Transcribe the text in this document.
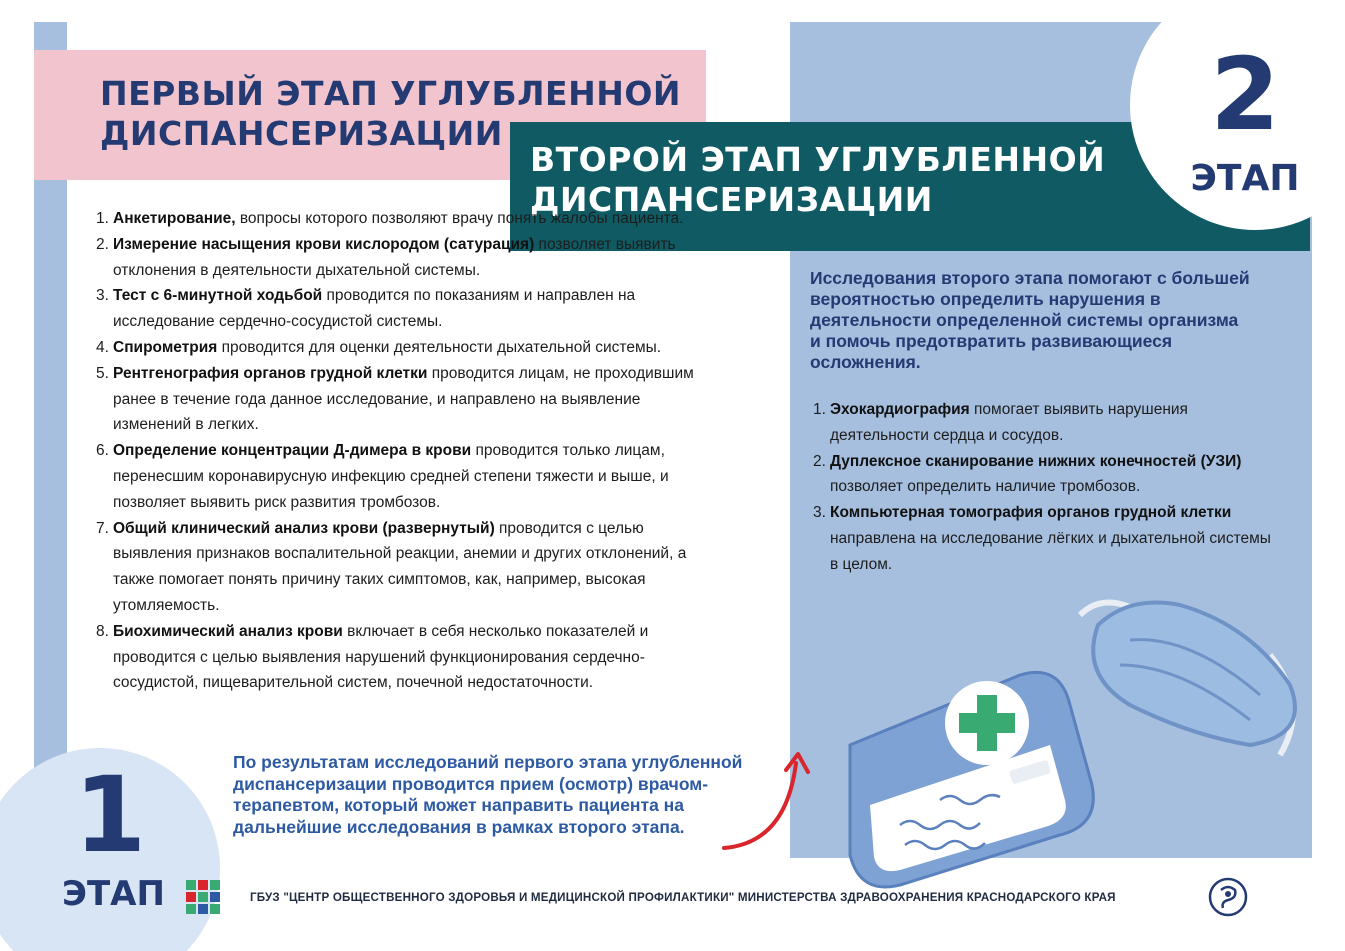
ПЕРВЫЙ ЭТАП УГЛУБЛЕННОЙ ДИСПАНСЕРИЗАЦИИ
ВТОРОЙ ЭТАП УГЛУБЛЕННОЙ ДИСПАНСЕРИЗАЦИИ
2
ЭТАП
1. Анкетирование, вопросы которого позволяют врачу понять жалобы пациента.
2. Измерение насыщения крови кислородом (сатурация) позволяет выявить отклонения в деятельности дыхательной системы.
3. Тест с 6-минутной ходьбой проводится по показаниям и направлен на исследование сердечно-сосудистой системы.
4. Спирометрия проводится для оценки деятельности дыхательной системы.
5. Рентгенография органов грудной клетки проводится лицам, не проходившим ранее в течение года данное исследование, и направлено на выявление изменений в легких.
6. Определение концентрации Д-димера в крови проводится только лицам, перенесшим коронавирусную инфекцию средней степени тяжести и выше, и позволяет выявить риск развития тромбозов.
7. Общий клинический анализ крови (развернутый) проводится с целью выявления признаков воспалительной реакции, анемии и других отклонений, а также помогает понять причину таких симптомов, как, например, высокая утомляемость.
8. Биохимический анализ крови включает в себя несколько показателей и проводится с целью выявления нарушений функционирования сердечно-сосудистой, пищеварительной систем, почечной недостаточности.

Исследования второго этапа помогают с большей вероятностью определить нарушения в деятельности определенной системы организма и помочь предотвратить развивающиеся осложнения.

1. Эхокардиография помогает выявить нарушения деятельности сердца и сосудов.
2. Дуплексное сканирование нижних конечностей (УЗИ) позволяет определить наличие тромбозов.
3. Компьютерная томография органов грудной клетки направлена на исследование лёгких и дыхательной системы в целом.
1
ЭТАП

По результатам исследований первого этапа углубленной диспансеризации проводится прием (осмотр) врачом-терапевтом, который может направить пациента на дальнейшие исследования в рамках второго этапа.

ГБУЗ "ЦЕНТР ОБЩЕСТВЕННОГО ЗДОРОВЬЯ И МЕДИЦИНСКОЙ ПРОФИЛАКТИКИ" МИНИСТЕРСТВА ЗДРАВООХРАНЕНИЯ КРАСНОДАРСКОГО КРАЯ
